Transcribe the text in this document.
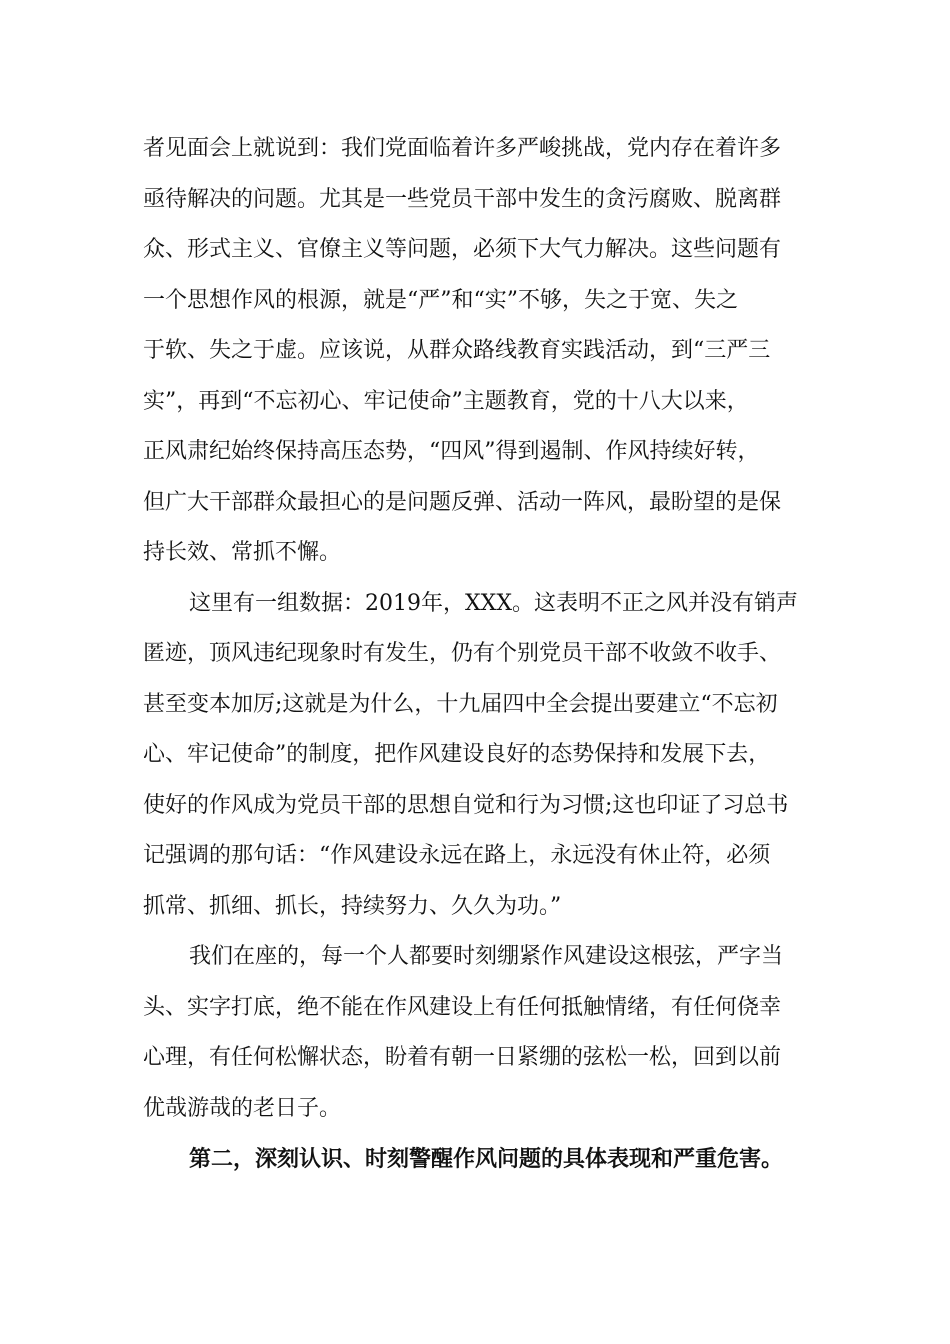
者见面会上就说到：我们党面临着许多严峻挑战，党内存在着许多
亟待解决的问题。尤其是一些党员干部中发生的贪污腐败、脱离群
众、形式主义、官僚主义等问题，必须下大气力解决。这些问题有
一个思想作风的根源，就是“严”和“实”不够，失之于宽、失之
于软、失之于虚。应该说，从群众路线教育实践活动，到“三严三
实”，再到“不忘初心、牢记使命”主题教育，党的十八大以来，
正风肃纪始终保持高压态势，“四风”得到遏制、作风持续好转，
但广大干部群众最担心的是问题反弹、活动一阵风，最盼望的是保
持长效、常抓不懈。
这里有一组数据：2019年，XXX。这表明不正之风并没有销声
匿迹，顶风违纪现象时有发生，仍有个别党员干部不收敛不收手、
甚至变本加厉;这就是为什么，十九届四中全会提出要建立“不忘初
心、牢记使命”的制度，把作风建设良好的态势保持和发展下去，
使好的作风成为党员干部的思想自觉和行为习惯;这也印证了习总书
记强调的那句话：“作风建设永远在路上，永远没有休止符，必须
抓常、抓细、抓长，持续努力、久久为功。”
我们在座的，每一个人都要时刻绷紧作风建设这根弦，严字当
头、实字打底，绝不能在作风建设上有任何抵触情绪，有任何侥幸
心理，有任何松懈状态，盼着有朝一日紧绷的弦松一松，回到以前
优哉游哉的老日子。
第二，深刻认识、时刻警醒作风问题的具体表现和严重危害。
